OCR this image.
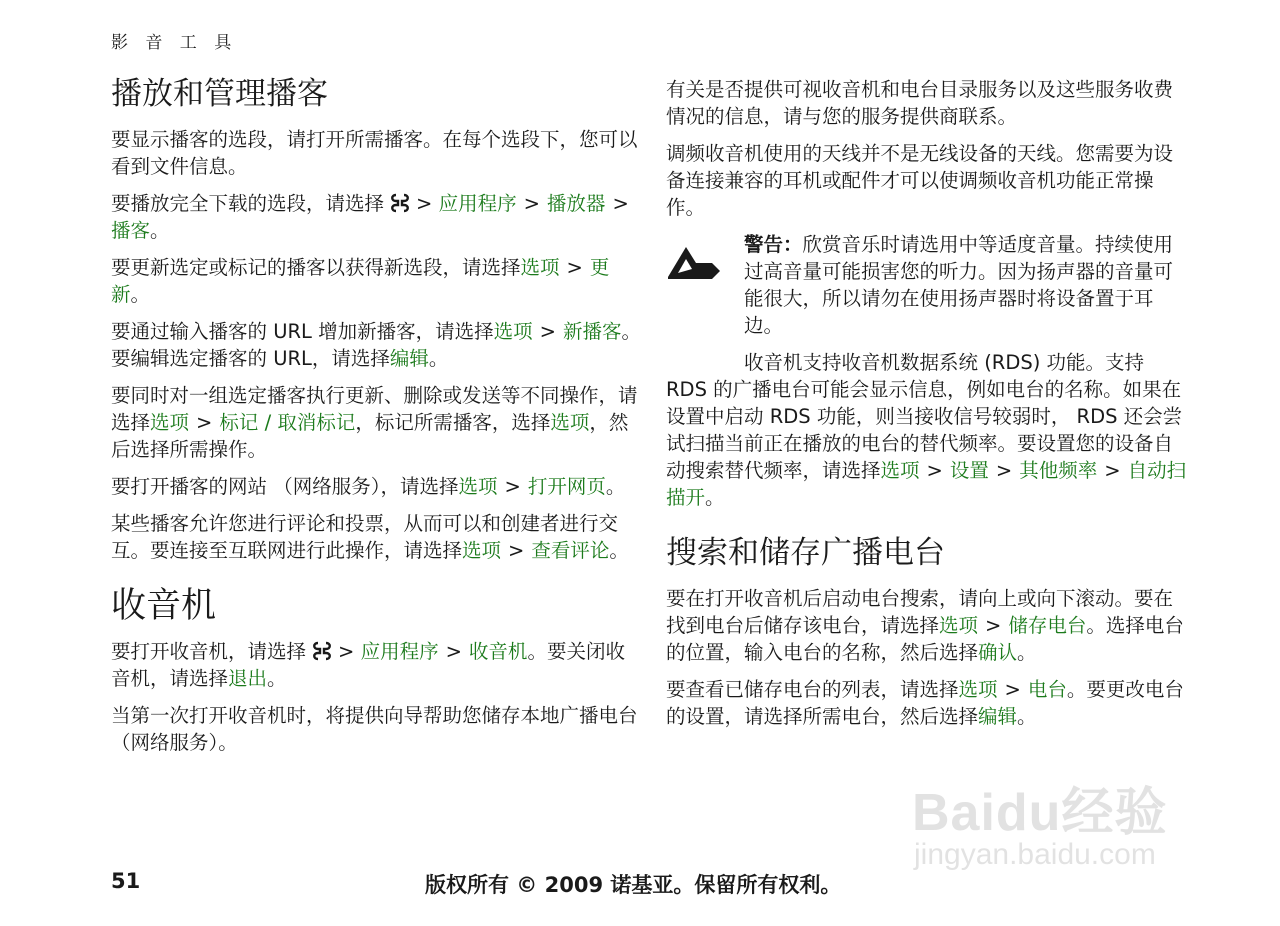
影 音 工 具
播放和管理播客

要显示播客的选段，请打开所需播客。在每个选段下，您可以看到文件信息。

要播放完全下载的选段，请选择 > 应用程序 > 播放器 >播客。

要更新选定或标记的播客以获得新选段，请选择选项 > 更新。

要通过输入播客的 URL 增加新播客，请选择选项 > 新播客。要编辑选定播客的 URL，请选择编辑。

要同时对一组选定播客执行更新、删除或发送等不同操作，请选择选项 > 标记 / 取消标记，标记所需播客，选择选项，然后选择所需操作。

要打开播客的网站 （网络服务），请选择选项 > 打开网页。

某些播客允许您进行评论和投票，从而可以和创建者进行交互。要连接至互联网进行此操作，请选择选项 > 查看评论。

收音机

要打开收音机，请选择 > 应用程序 > 收音机。要关闭收音机，请选择退出。

当第一次打开收音机时，将提供向导帮助您储存本地广播电台 （网络服务）。

有关是否提供可视收音机和电台目录服务以及这些服务收费情况的信息，请与您的服务提供商联系。

调频收音机使用的天线并不是无线设备的天线。您需要为设备连接兼容的耳机或配件才可以使调频收音机功能正常操作。

警告：欣赏音乐时请选用中等适度音量。持续使用过高音量可能损害您的听力。因为扬声器的音量可能很大，所以请勿在使用扬声器时将设备置于耳边。

收音机支持收音机数据系统 (RDS) 功能。支持 RDS 的广播电台可能会显示信息，例如电台的名称。如果在设置中启动 RDS 功能，则当接收信号较弱时， RDS 还会尝试扫描当前正在播放的电台的替代频率。要设置您的设备自动搜索替代频率，请选择选项 > 设置 > 其他频率 > 自动扫描开。

搜索和储存广播电台

要在打开收音机后启动电台搜索，请向上或向下滚动。要在找到电台后储存该电台，请选择选项 > 储存电台。选择电台的位置，输入电台的名称，然后选择确认。

要查看已储存电台的列表，请选择选项 > 电台。要更改电台的设置，请选择所需电台，然后选择编辑。

Baidu经验
jingyan.baidu.com
51	版权所有 © 2009 诺基亚。保留所有权利。
